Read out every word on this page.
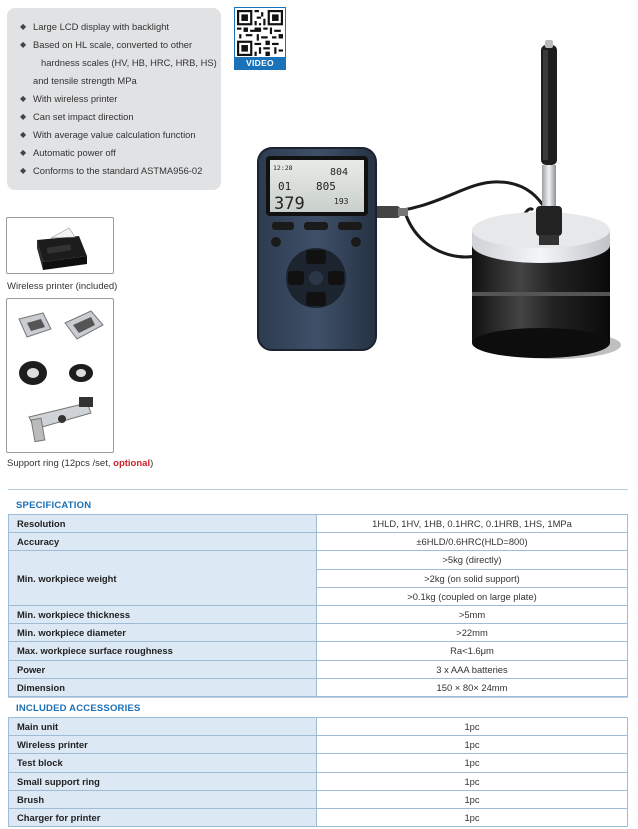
◆ Large LCD display with backlight
◆ Based on HL scale, converted to other
hardness scales (HV, HB, HRC, HRB, HS)
and tensile strength MPa
◆ With wireless printer
◆ Can set impact direction
◆ With average value calculation function
◆ Automatic power off
◆ Conforms to the standard ASTMA956-02
VIDEO
12:28	804
01 805
379	193
Wireless printer (included)
Support ring (12pcs /set, optional)
SPECIFICATION
Resolution	1HLD, 1HV, 1HB, 0.1HRC, 0.1HRB, 1HS, 1MPa
Accuracy	±6HLD/0.6HRC(HLD=800)
Min. workpiece weight	>5kg (directly)
	>2kg (on solid support)
	>0.1kg (coupled on large plate)
Min. workpiece thickness	>5mm
Min. workpiece diameter	>22mm
Max. workpiece surface roughness	Ra<1.6μm
Power	3 x AAA batteries
Dimension	150 × 80× 24mm
INCLUDED ACCESSORIES
Main unit	1pc
Wireless printer	1pc
Test block	1pc
Small support ring	1pc
Brush	1pc
Charger for printer	1pc
